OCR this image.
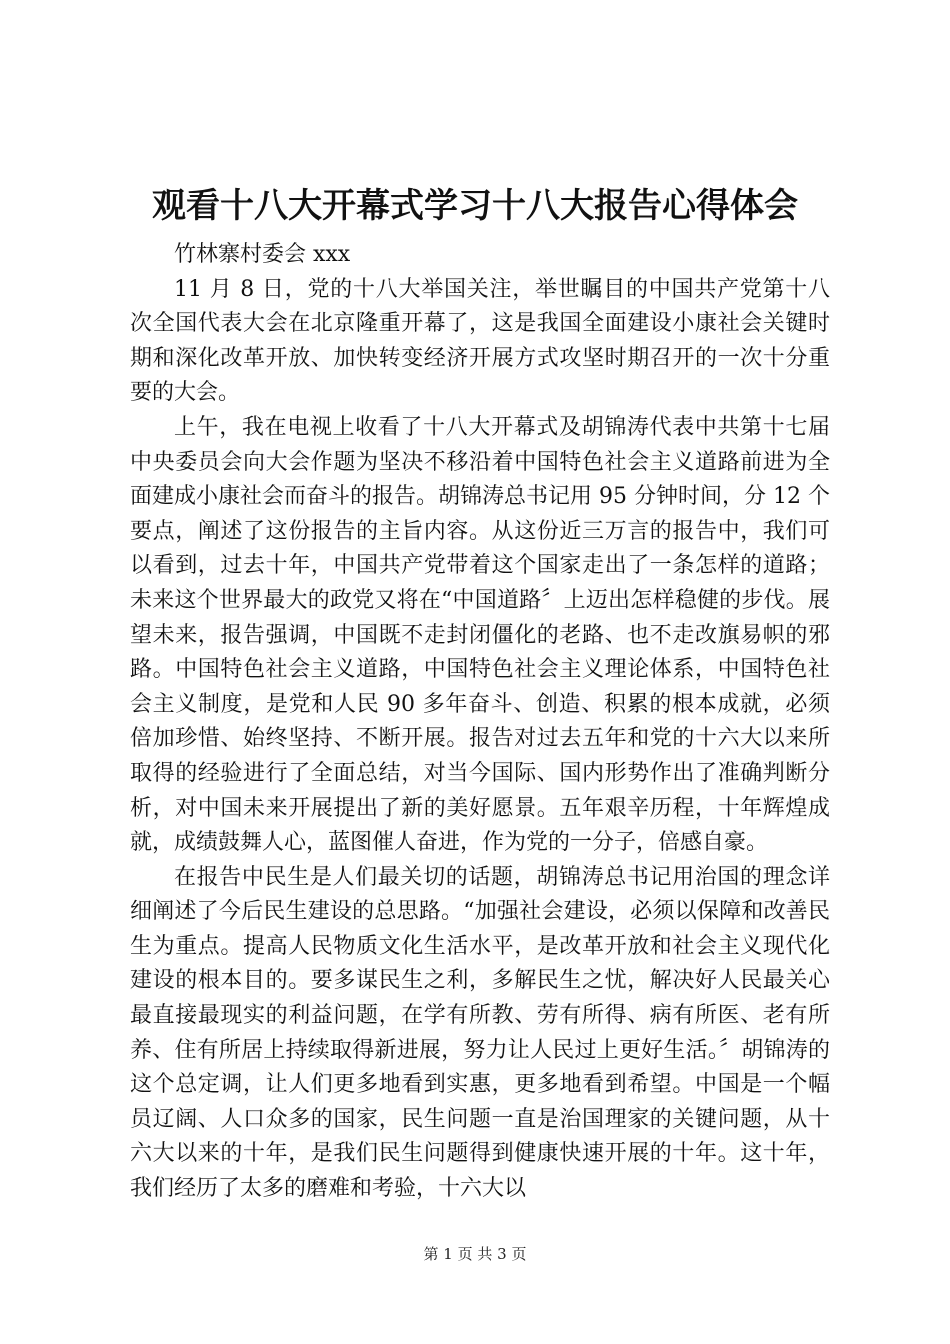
观看十八大开幕式学习十八大报告心得体会

竹林寨村委会 xxx

11 月 8 日，党的十八大举国关注，举世瞩目的中国共产党第十八次全国代表大会在北京隆重开幕了，这是我国全面建设小康社会关键时期和深化改革开放、加快转变经济开展方式攻坚时期召开的一次十分重要的大会。

上午，我在电视上收看了十八大开幕式及胡锦涛代表中共第十七届中央委员会向大会作题为坚决不移沿着中国特色社会主义道路前进为全面建成小康社会而奋斗的报告。胡锦涛总书记用 95 分钟时间，分 12 个要点，阐述了这份报告的主旨内容。从这份近三万言的报告中，我们可以看到，过去十年，中国共产党带着这个国家走出了一条怎样的道路；未来这个世界最大的政党又将在“中国道路〞上迈出怎样稳健的步伐。展望未来，报告强调，中国既不走封闭僵化的老路、也不走改旗易帜的邪路。中国特色社会主义道路，中国特色社会主义理论体系，中国特色社会主义制度，是党和人民 90 多年奋斗、创造、积累的根本成就，必须倍加珍惜、始终坚持、不断开展。报告对过去五年和党的十六大以来所取得的经验进行了全面总结，对当今国际、国内形势作出了准确判断分析，对中国未来开展提出了新的美好愿景。五年艰辛历程，十年辉煌成就，成绩鼓舞人心，蓝图催人奋进，作为党的一分子，倍感自豪。

在报告中民生是人们最关切的话题，胡锦涛总书记用治国的理念详细阐述了今后民生建设的总思路。“加强社会建设，必须以保障和改善民生为重点。提高人民物质文化生活水平，是改革开放和社会主义现代化建设的根本目的。要多谋民生之利，多解民生之忧，解决好人民最关心最直接最现实的利益问题，在学有所教、劳有所得、病有所医、老有所养、住有所居上持续取得新进展，努力让人民过上更好生活。〞胡锦涛的这个总定调，让人们更多地看到实惠，更多地看到希望。中国是一个幅员辽阔、人口众多的国家，民生问题一直是治国理家的关键问题，从十六大以来的十年，是我们民生问题得到健康快速开展的十年。这十年，我们经历了太多的磨难和考验，十六大以

第 1 页 共 3 页
